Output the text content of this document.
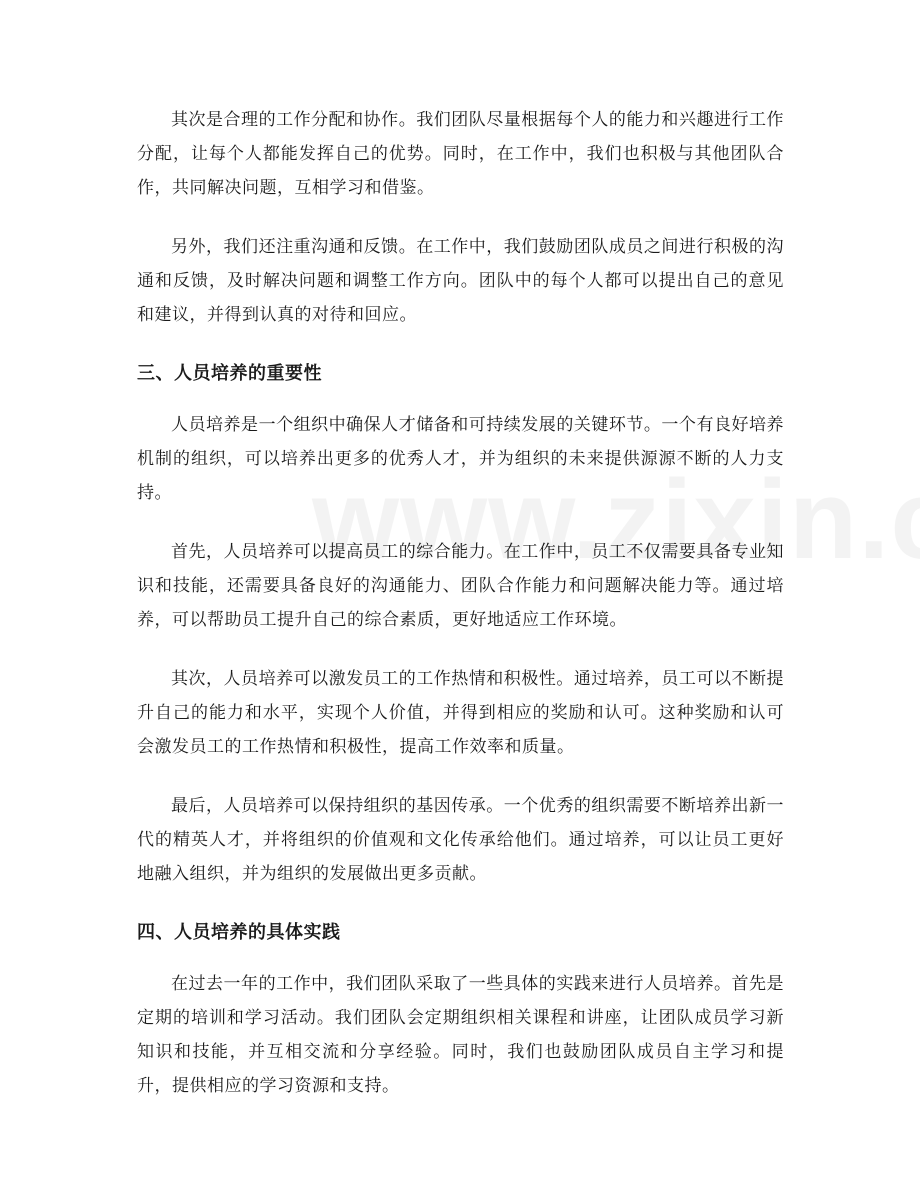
其次是合理的工作分配和协作。我们团队尽量根据每个人的能力和兴趣进行工作分配，让每个人都能发挥自己的优势。同时，在工作中，我们也积极与其他团队合作，共同解决问题，互相学习和借鉴。

另外，我们还注重沟通和反馈。在工作中，我们鼓励团队成员之间进行积极的沟通和反馈，及时解决问题和调整工作方向。团队中的每个人都可以提出自己的意见和建议，并得到认真的对待和回应。

三、人员培养的重要性

人员培养是一个组织中确保人才储备和可持续发展的关键环节。一个有良好培养机制的组织，可以培养出更多的优秀人才，并为组织的未来提供源源不断的人力支持。

首先，人员培养可以提高员工的综合能力。在工作中，员工不仅需要具备专业知识和技能，还需要具备良好的沟通能力、团队合作能力和问题解决能力等。通过培养，可以帮助员工提升自己的综合素质，更好地适应工作环境。

其次，人员培养可以激发员工的工作热情和积极性。通过培养，员工可以不断提升自己的能力和水平，实现个人价值，并得到相应的奖励和认可。这种奖励和认可会激发员工的工作热情和积极性，提高工作效率和质量。

最后，人员培养可以保持组织的基因传承。一个优秀的组织需要不断培养出新一代的精英人才，并将组织的价值观和文化传承给他们。通过培养，可以让员工更好地融入组织，并为组织的发展做出更多贡献。

四、人员培养的具体实践

在过去一年的工作中，我们团队采取了一些具体的实践来进行人员培养。首先是定期的培训和学习活动。我们团队会定期组织相关课程和讲座，让团队成员学习新知识和技能，并互相交流和分享经验。同时，我们也鼓励团队成员自主学习和提升，提供相应的学习资源和支持。
